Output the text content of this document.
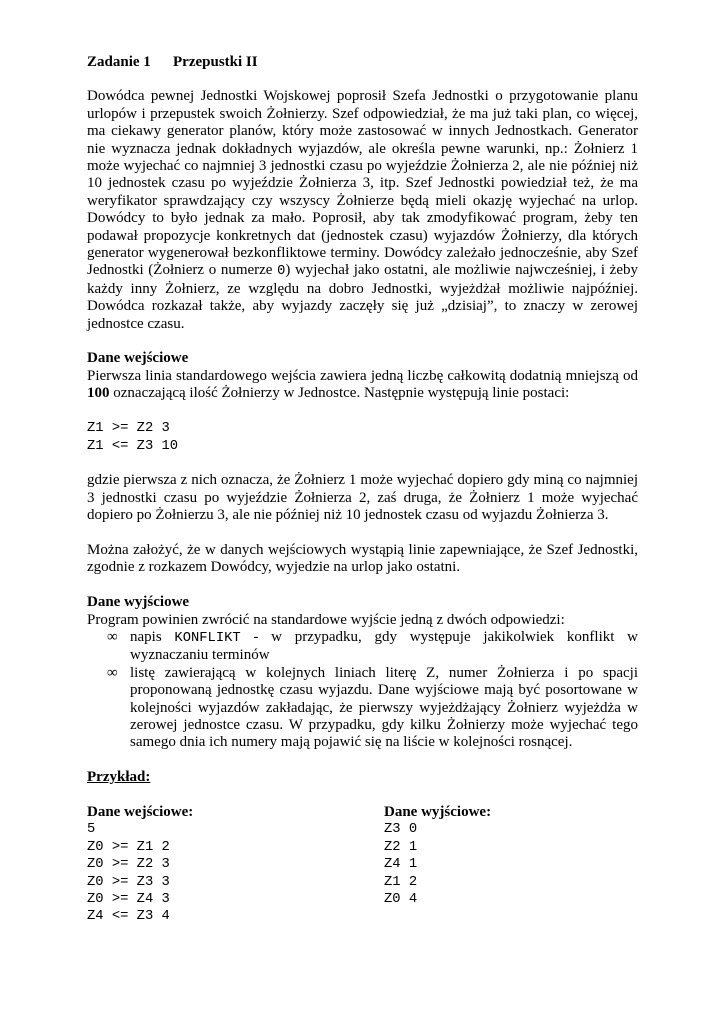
Zadanie 1 Przepustki II

Dowódca pewnej Jednostki Wojskowej poprosił Szefa Jednostki o przygotowanie planu urlopów i przepustek swoich Żołnierzy. Szef odpowiedział, że ma już taki plan, co więcej, ma ciekawy generator planów, który może zastosować w innych Jednostkach. Generator nie wyznacza jednak dokładnych wyjazdów, ale określa pewne warunki, np.: Żołnierz 1 może wyjechać co najmniej 3 jednostki czasu po wyjeździe Żołnierza 2, ale nie później niż 10 jednostek czasu po wyjeździe Żołnierza 3, itp. Szef Jednostki powiedział też, że ma weryfikator sprawdzający czy wszyscy Żołnierze będą mieli okazję wyjechać na urlop. Dowódcy to było jednak za mało. Poprosił, aby tak zmodyfikować program, żeby ten podawał propozycje konkretnych dat (jednostek czasu) wyjazdów Żołnierzy, dla których generator wygenerował bezkonfliktowe terminy. Dowódcy zależało jednocześnie, aby Szef Jednostki (Żołnierz o numerze 0) wyjechał jako ostatni, ale możliwie najwcześniej, i żeby każdy inny Żołnierz, ze względu na dobro Jednostki, wyjeżdżał możliwie najpóźniej. Dowódca rozkazał także, aby wyjazdy zaczęły się już „dzisiaj”, to znaczy w zerowej jednostce czasu.

Dane wejściowe

Pierwsza linia standardowego wejścia zawiera jedną liczbę całkowitą dodatnią mniejszą od 100 oznaczającą ilość Żołnierzy w Jednostce. Następnie występują linie postaci:

Z1 >= Z2 3
Z1 <= Z3 10

gdzie pierwsza z nich oznacza, że Żołnierz 1 może wyjechać dopiero gdy miną co najmniej 3 jednostki czasu po wyjeździe Żołnierza 2, zaś druga, że Żołnierz 1 może wyjechać dopiero po Żołnierzu 3, ale nie później niż 10 jednostek czasu od wyjazdu Żołnierza 3.

Można założyć, że w danych wejściowych wystąpią linie zapewniające, że Szef Jednostki, zgodnie z rozkazem Dowódcy, wyjedzie na urlop jako ostatni.

Dane wyjściowe

Program powinien zwrócić na standardowe wyjście jedną z dwóch odpowiedzi:

∞ napis KONFLIKT - w przypadku, gdy występuje jakikolwiek konflikt w wyznaczaniu terminów
∞ listę zawierającą w kolejnych liniach literę Z, numer Żołnierza i po spacji proponowaną jednostkę czasu wyjazdu. Dane wyjściowe mają być posortowane w kolejności wyjazdów zakładając, że pierwszy wyjeżdżający Żołnierz wyjeżdża w zerowej jednostce czasu. W przypadku, gdy kilku Żołnierzy może wyjechać tego samego dnia ich numery mają pojawić się na liście w kolejności rosnącej.

Przykład:

Dane wejściowe:

5
Z0 >= Z1 2
Z0 >= Z2 3
Z0 >= Z3 3
Z0 >= Z4 3
Z4 <= Z3 4

Dane wyjściowe:

Z3 0
Z2 1
Z4 1
Z1 2
Z0 4
